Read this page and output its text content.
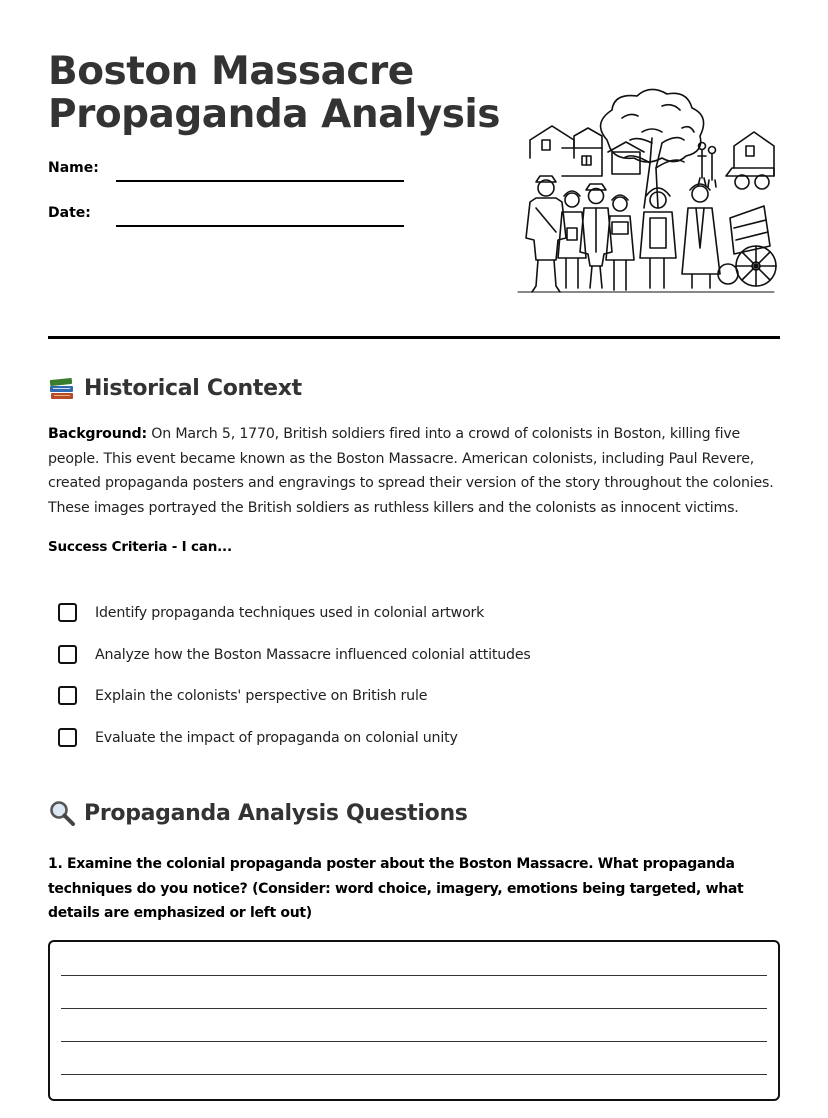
Boston Massacre
Propaganda Analysis
Name:
Date:
Historical Context

Background: On March 5, 1770, British soldiers fired into a crowd of colonists in Boston, killing five people. This event became known as the Boston Massacre. American colonists, including Paul Revere, created propaganda posters and engravings to spread their version of the story throughout the colonies. These images portrayed the British soldiers as ruthless killers and the colonists as innocent victims.

Success Criteria - I can...
Identify propaganda techniques used in colonial artwork
Analyze how the Boston Massacre influenced colonial attitudes
Explain the colonists' perspective on British rule
Evaluate the impact of propaganda on colonial unity
Propaganda Analysis Questions

1. Examine the colonial propaganda poster about the Boston Massacre. What propaganda techniques do you notice? (Consider: word choice, imagery, emotions being targeted, what details are emphasized or left out)
